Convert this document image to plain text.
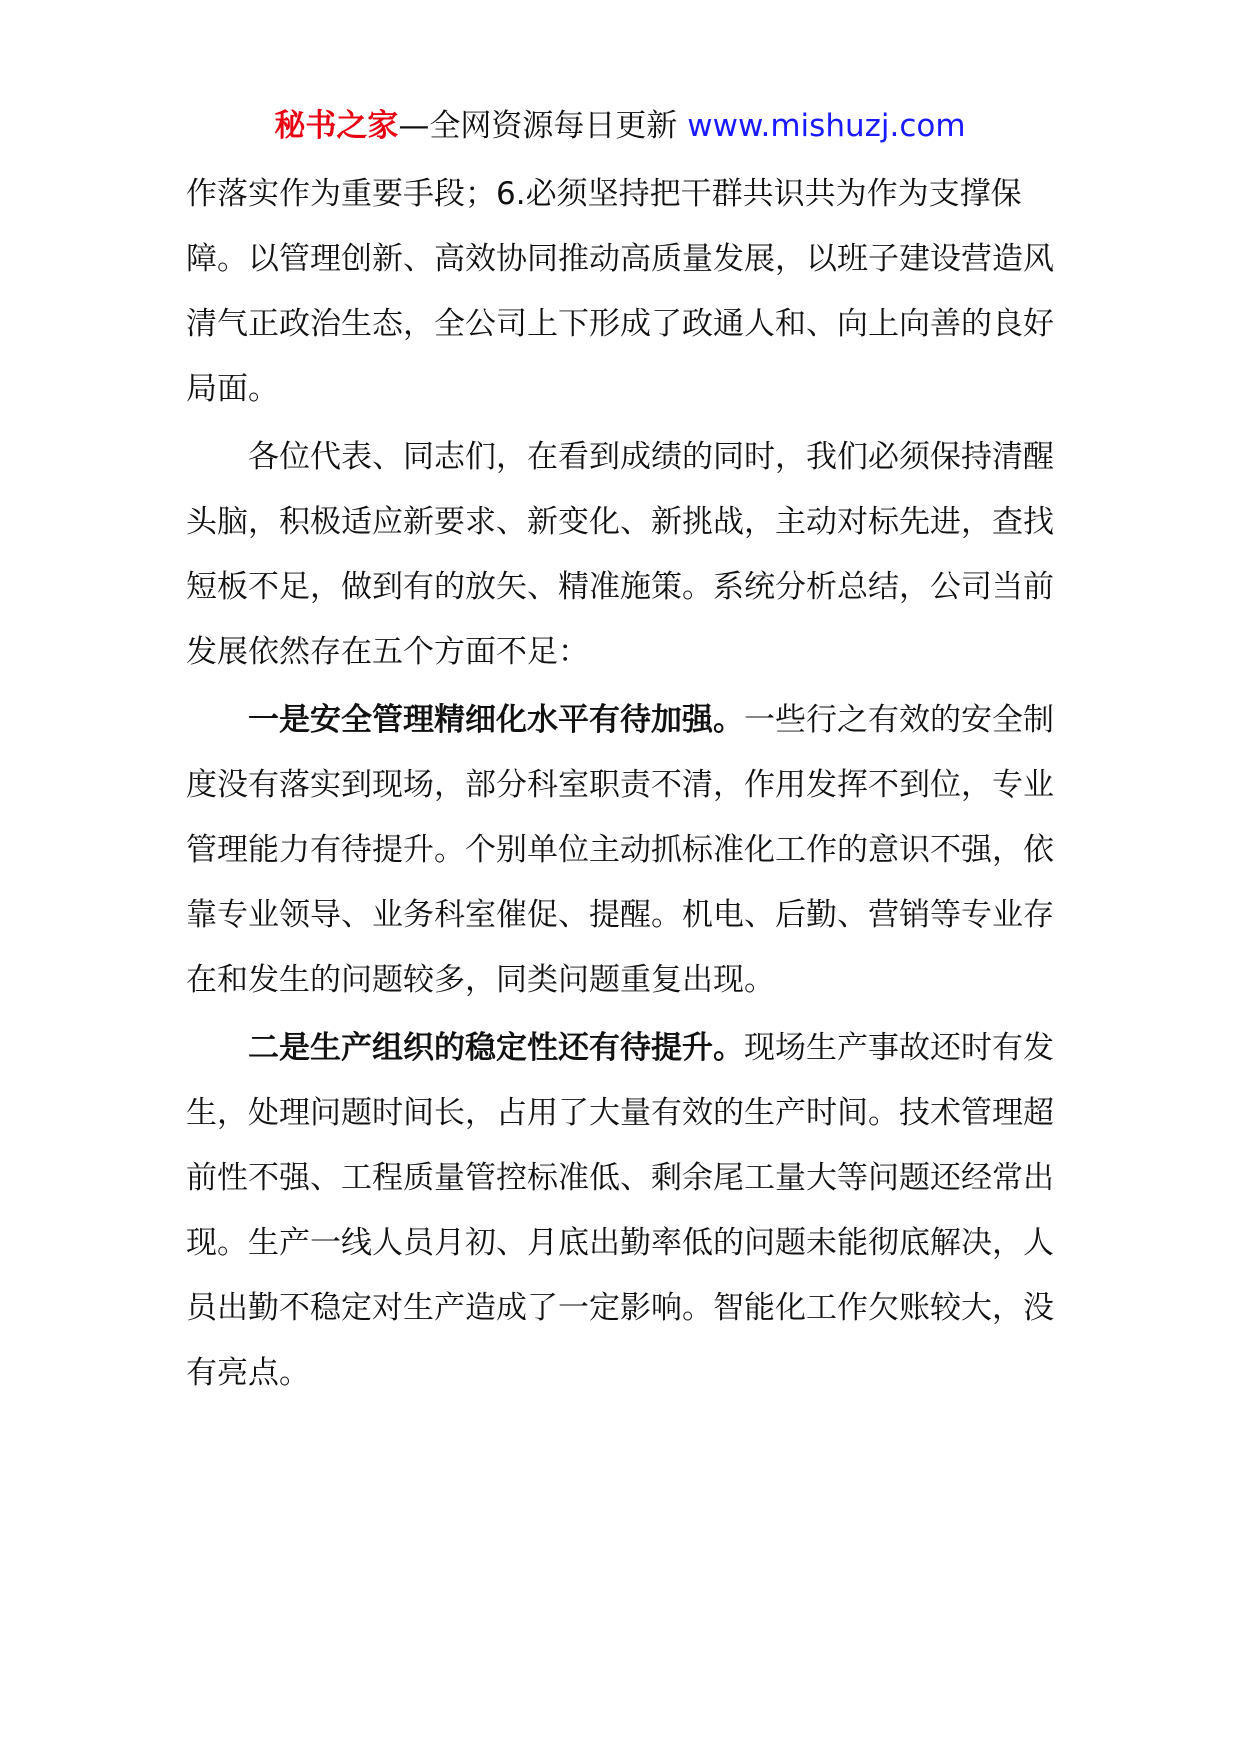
秘书之家—全网资源每日更新 www.mishuzj.com

作落实作为重要手段；6.必须坚持把干群共识共为作为支撑保障。以管理创新、高效协同推动高质量发展，以班子建设营造风清气正政治生态，全公司上下形成了政通人和、向上向善的良好局面。

各位代表、同志们，在看到成绩的同时，我们必须保持清醒头脑，积极适应新要求、新变化、新挑战，主动对标先进，查找短板不足，做到有的放矢、精准施策。系统分析总结，公司当前发展依然存在五个方面不足：

一是安全管理精细化水平有待加强。一些行之有效的安全制度没有落实到现场，部分科室职责不清，作用发挥不到位，专业管理能力有待提升。个别单位主动抓标准化工作的意识不强，依靠专业领导、业务科室催促、提醒。机电、后勤、营销等专业存在和发生的问题较多，同类问题重复出现。

二是生产组织的稳定性还有待提升。现场生产事故还时有发生，处理问题时间长，占用了大量有效的生产时间。技术管理超前性不强、工程质量管控标准低、剩余尾工量大等问题还经常出现。生产一线人员月初、月底出勤率低的问题未能彻底解决，人员出勤不稳定对生产造成了一定影响。智能化工作欠账较大，没有亮点。
